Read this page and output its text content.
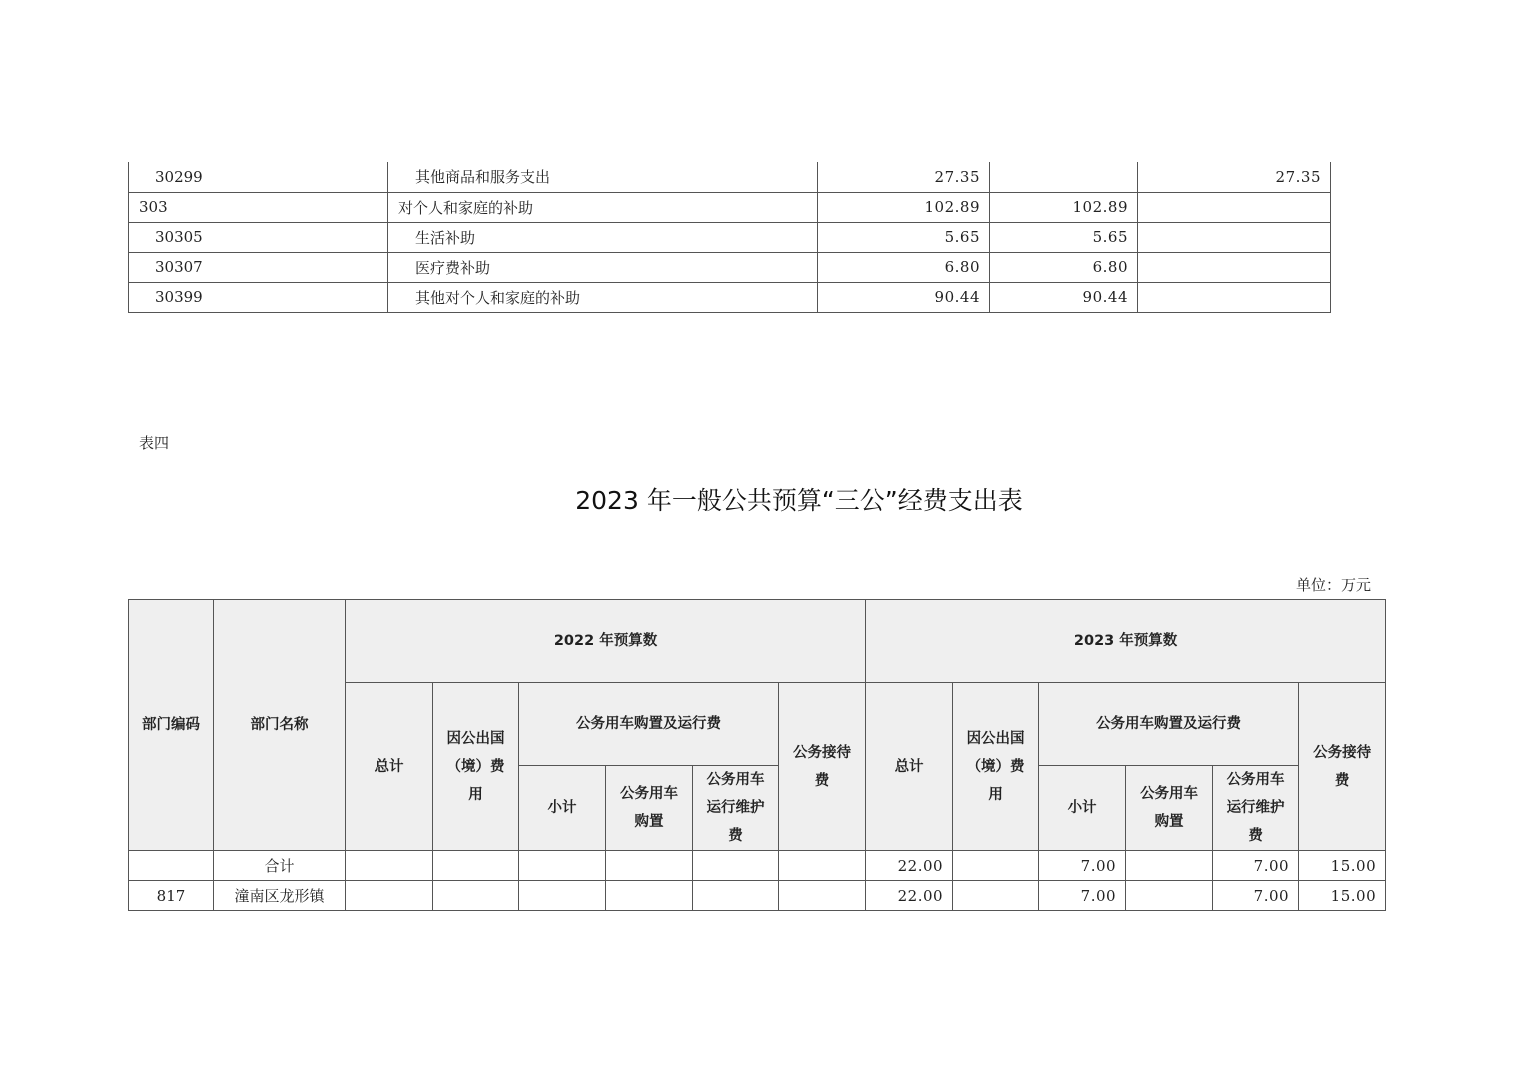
30299	其他商品和服务支出	27.35		27.35
303	对个人和家庭的补助	102.89	102.89	
30305	生活补助	5.65	5.65	
30307	医疗费补助	6.80	6.80	
30399	其他对个人和家庭的补助	90.44	90.44	
表四
2023 年一般公共预算“三公”经费支出表
单位：万元
部门编码	部门名称	2022 年预算数						2023 年预算数					
		总计	因公出国（境）费用	公务用车购置及运行费			公务接待费	总计	因公出国（境）费用	公务用车购置及运行费			公务接待费
				小计	公务用车购置	公务用车运行维护费				小计	公务用车购置	公务用车运行维护费	
	合计							22.00		7.00		7.00	15.00
817	潼南区龙形镇							22.00		7.00		7.00	15.00
